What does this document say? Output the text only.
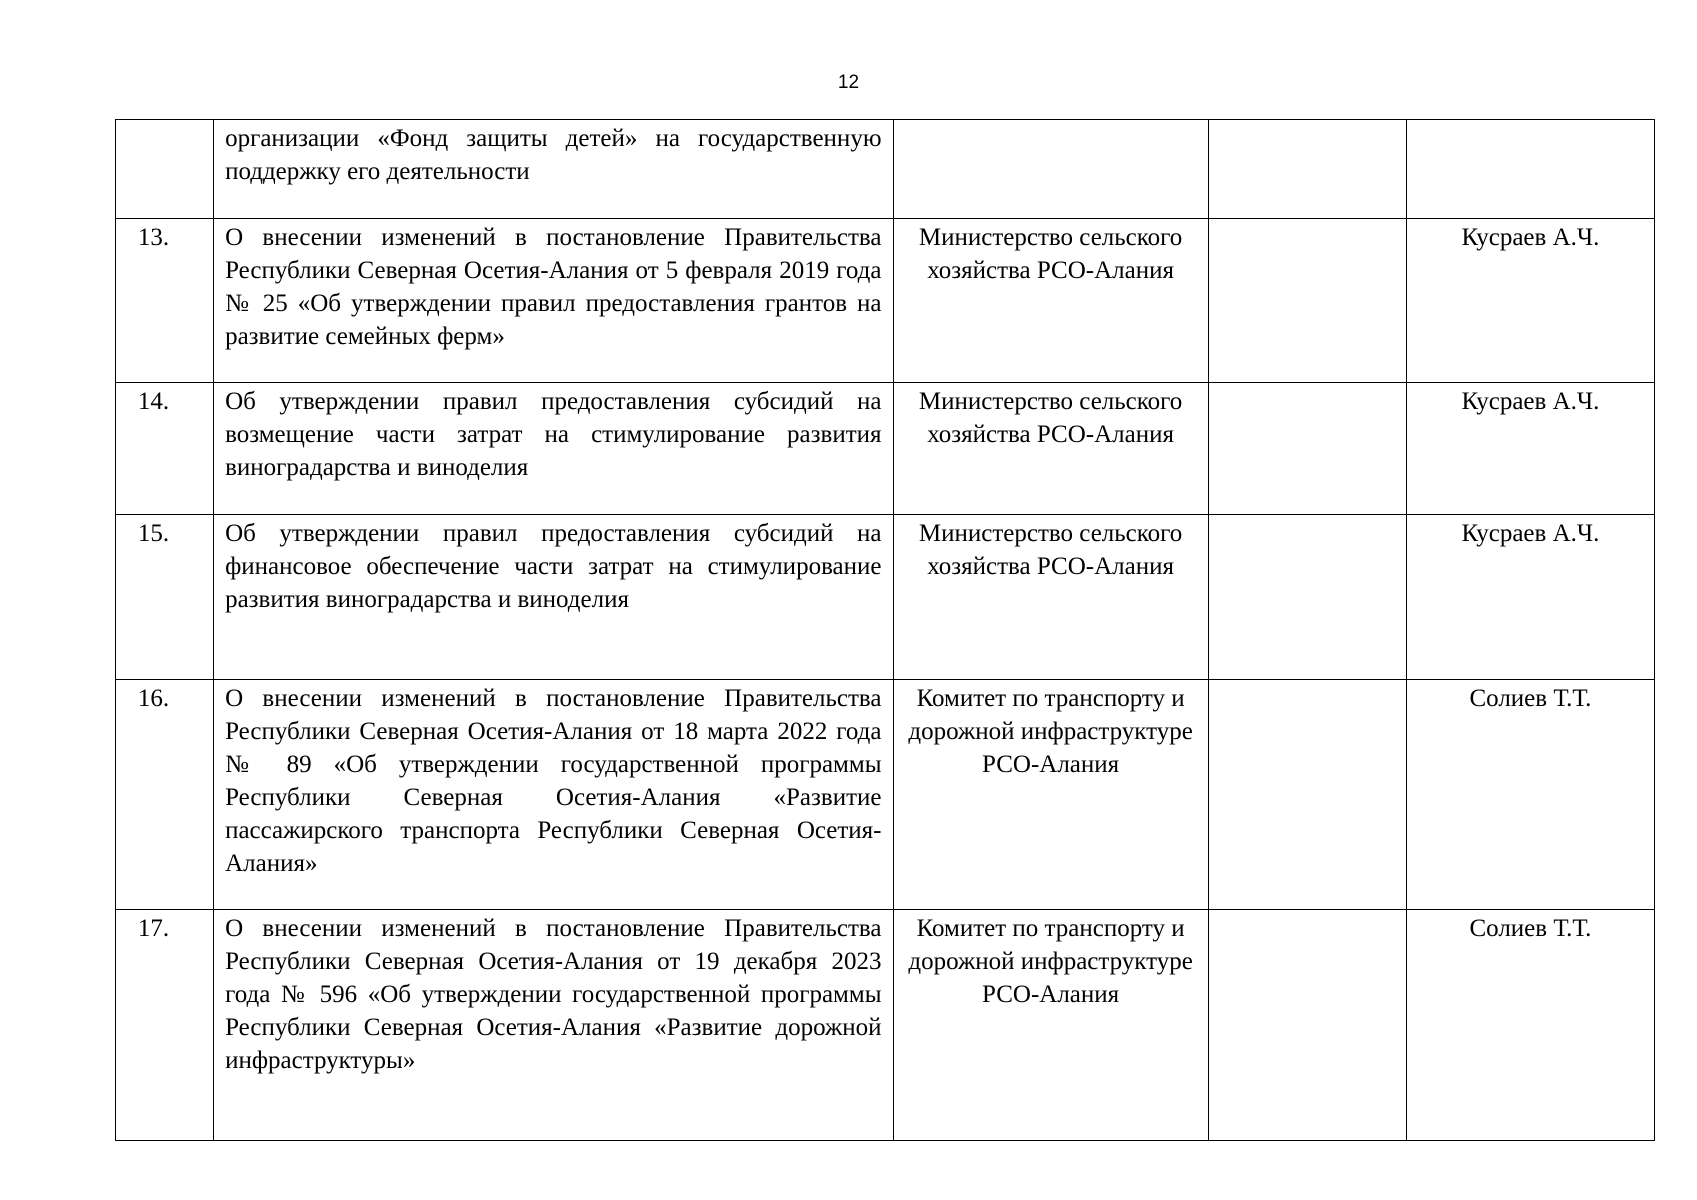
12

	организации «Фонд защиты детей» на государственную поддержку его деятельности			

13.	О внесении изменений в постановление Правительства Республики Северная Осетия-Алания от 5 февраля 2019 года № 25 «Об утверждении правил предоставления грантов на развитие семейных ферм»	Министерство сельского хозяйства РСО-Алания		Кусраев А.Ч.

14.	Об утверждении правил предоставления субсидий на возмещение части затрат на стимулирование развития виноградарства и виноделия	Министерство сельского хозяйства РСО-Алания		Кусраев А.Ч.

15.	Об утверждении правил предоставления субсидий на финансовое обеспечение части затрат на стимулирование развития виноградарства и виноделия	Министерство сельского хозяйства РСО-Алания		Кусраев А.Ч.

16.	О внесении изменений в постановление Правительства Республики Северная Осетия-Алания от 18 марта 2022 года № 89 «Об утверждении государственной программы Республики Северная Осетия-Алания «Развитие пассажирского транспорта Республики Северная Осетия-Алания»	Комитет по транспорту и дорожной инфраструктуре РСО-Алания		Солиев Т.Т.

17.	О внесении изменений в постановление Правительства Республики Северная Осетия-Алания от 19 декабря 2023 года № 596 «Об утверждении государственной программы Республики Северная Осетия-Алания «Развитие дорожной инфраструктуры»	Комитет по транспорту и дорожной инфраструктуре РСО-Алания		Солиев Т.Т.
